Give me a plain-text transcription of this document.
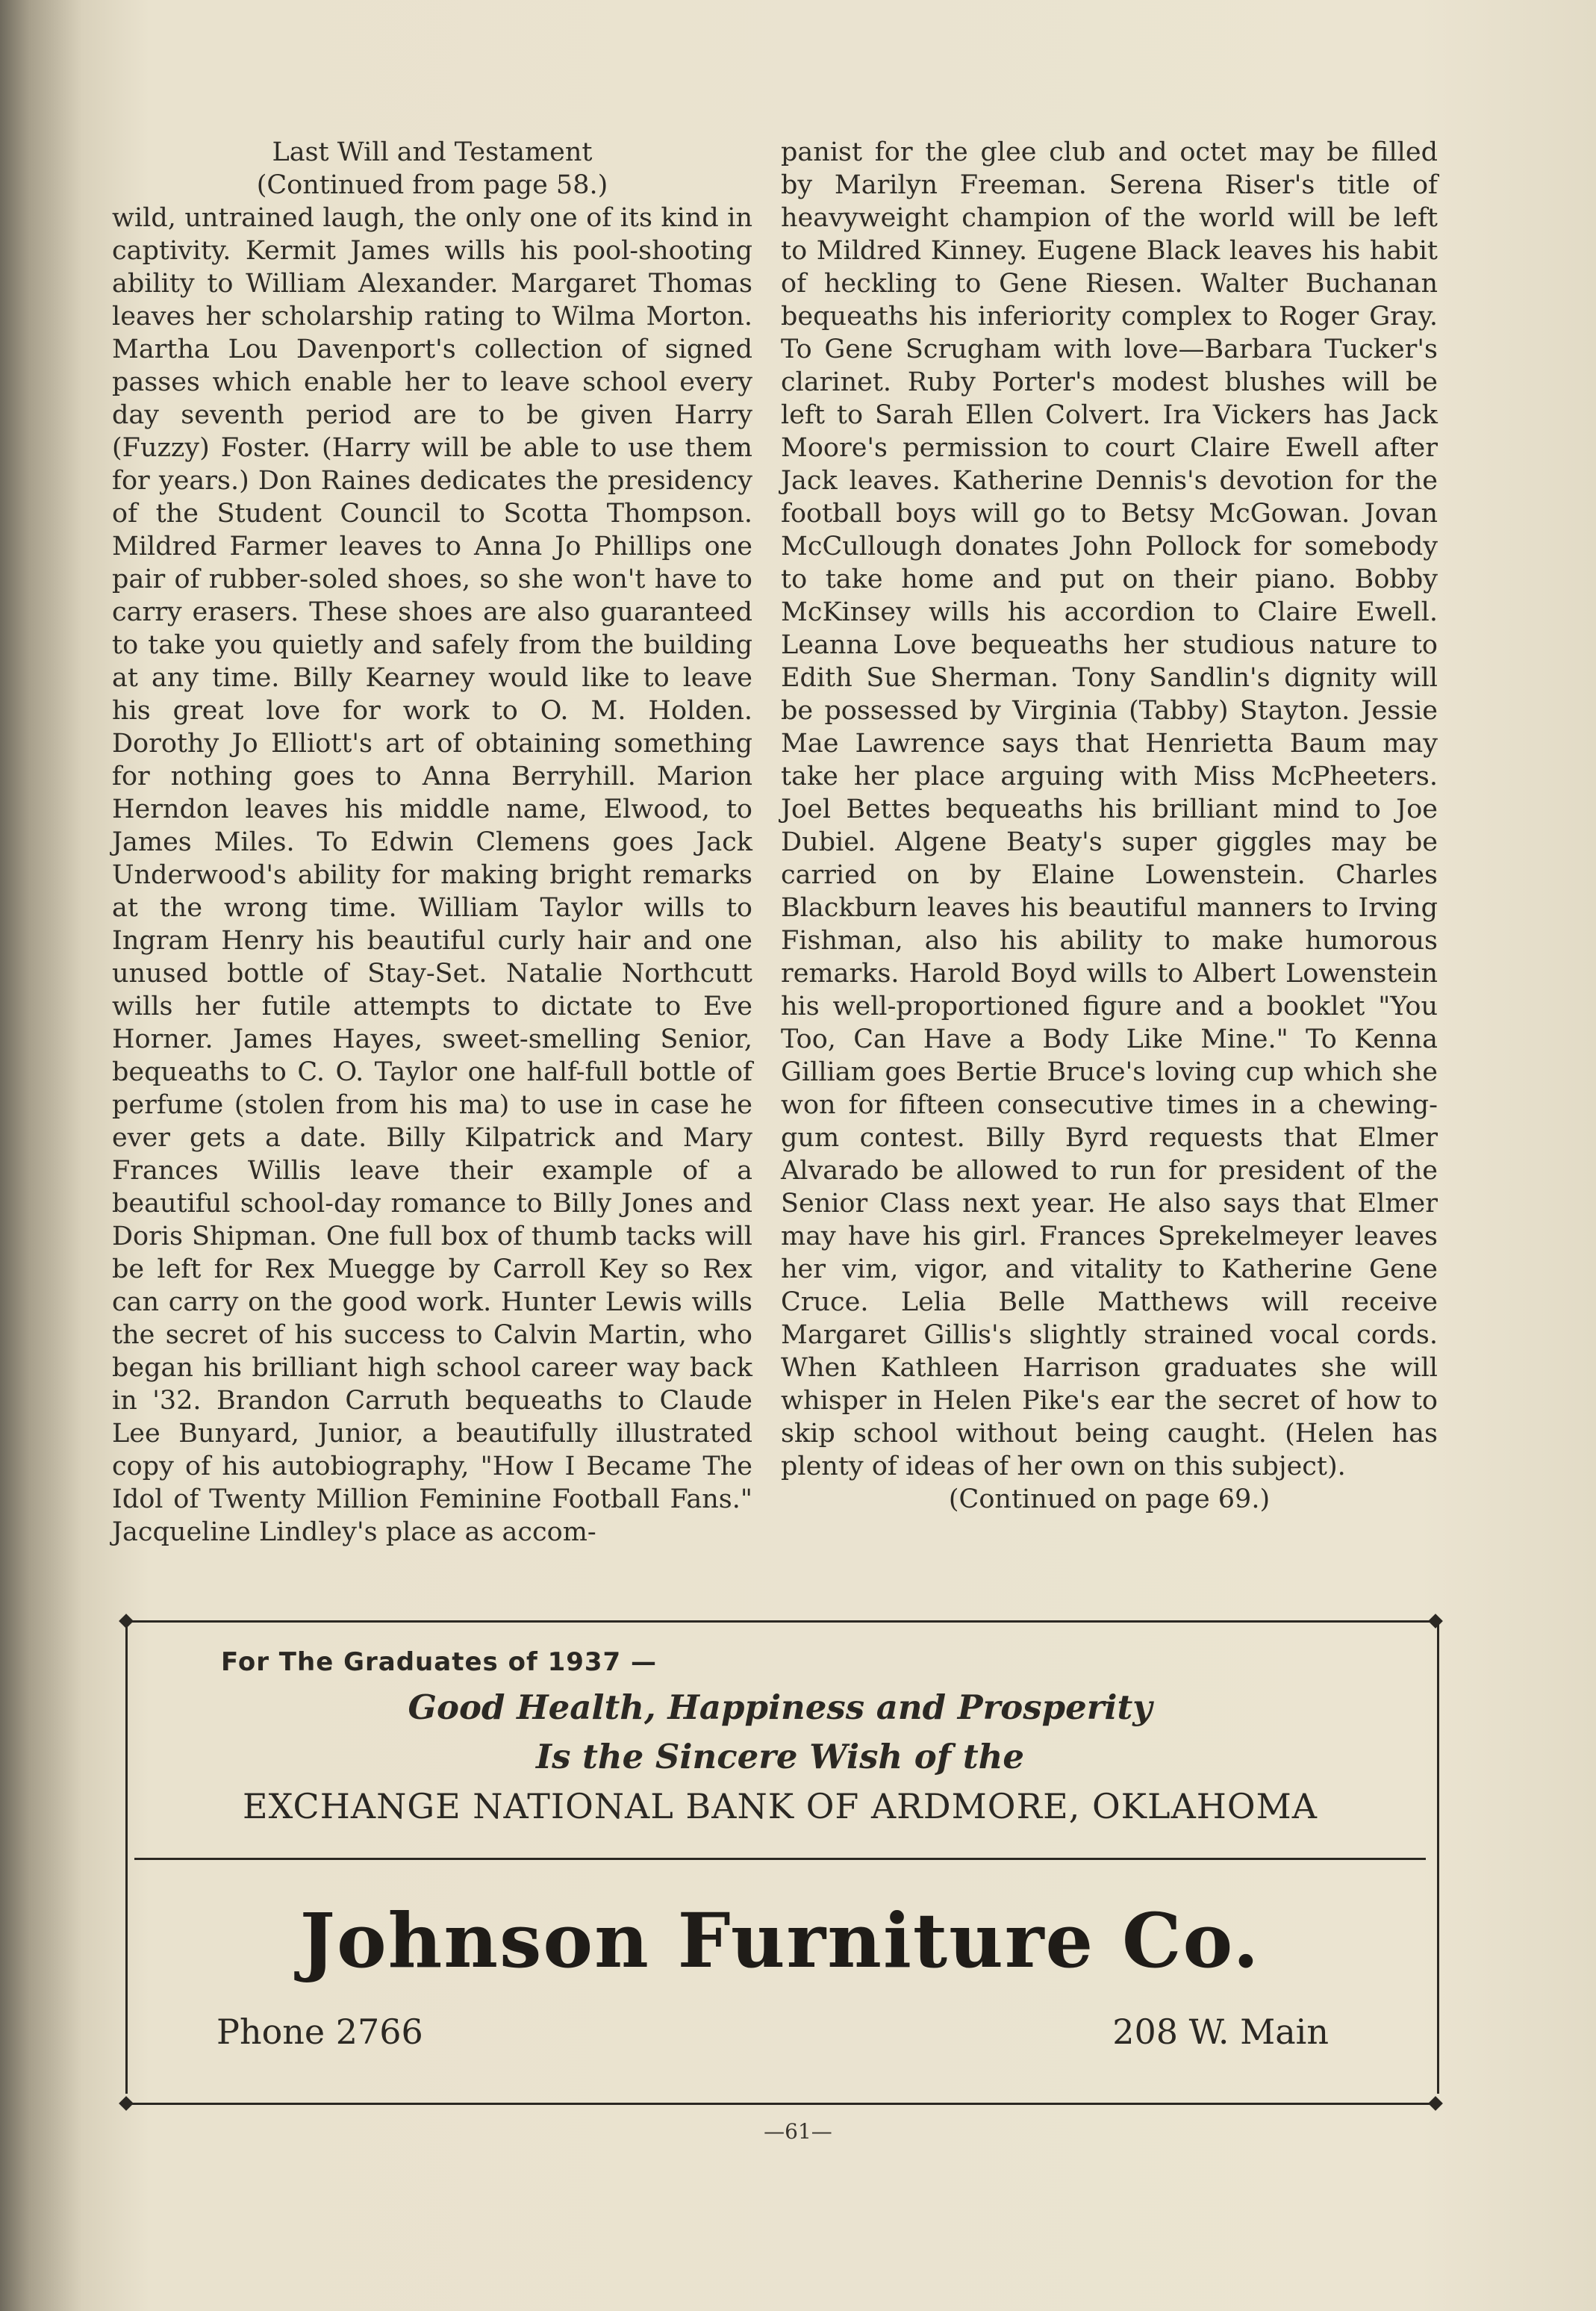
Last Will and Testament
(Continued from page 58.)

wild, untrained laugh, the only one of its kind in captivity. Kermit James wills his pool-shooting ability to William Alexander. Margaret Thomas leaves her scholarship rating to Wilma Morton. Martha Lou Davenport's collection of signed passes which enable her to leave school every day seventh period are to be given Harry (Fuzzy) Foster. (Harry will be able to use them for years.) Don Raines dedicates the presidency of the Student Council to Scotta Thompson. Mildred Farmer leaves to Anna Jo Phillips one pair of rubber-soled shoes, so she won't have to carry erasers. These shoes are also guaranteed to take you quietly and safely from the building at any time. Billy Kearney would like to leave his great love for work to O. M. Holden. Dorothy Jo Elliott's art of obtaining something for nothing goes to Anna Berryhill. Marion Herndon leaves his middle name, Elwood, to James Miles. To Edwin Clemens goes Jack Underwood's ability for making bright remarks at the wrong time. William Taylor wills to Ingram Henry his beautiful curly hair and one unused bottle of Stay-Set. Natalie Northcutt wills her futile attempts to dictate to Eve Horner. James Hayes, sweet-smelling Senior, bequeaths to C. O. Taylor one half-full bottle of perfume (stolen from his ma) to use in case he ever gets a date. Billy Kilpatrick and Mary Frances Willis leave their example of a beautiful school-day romance to Billy Jones and Doris Shipman. One full box of thumb tacks will be left for Rex Muegge by Carroll Key so Rex can carry on the good work. Hunter Lewis wills the secret of his success to Calvin Martin, who began his brilliant high school career way back in '32. Brandon Carruth bequeaths to Claude Lee Bunyard, Junior, a beautifully illustrated copy of his autobiography, "How I Became The Idol of Twenty Million Feminine Football Fans." Jacqueline Lindley's place as accom-

panist for the glee club and octet may be filled by Marilyn Freeman. Serena Riser's title of heavyweight champion of the world will be left to Mildred Kinney. Eugene Black leaves his habit of heckling to Gene Riesen. Walter Buchanan bequeaths his inferiority complex to Roger Gray. To Gene Scrugham with love—Barbara Tucker's clarinet. Ruby Porter's modest blushes will be left to Sarah Ellen Colvert. Ira Vickers has Jack Moore's permission to court Claire Ewell after Jack leaves. Katherine Dennis's devotion for the football boys will go to Betsy McGowan. Jovan McCullough donates John Pollock for somebody to take home and put on their piano. Bobby McKinsey wills his accordion to Claire Ewell. Leanna Love bequeaths her studious nature to Edith Sue Sherman. Tony Sandlin's dignity will be possessed by Virginia (Tabby) Stayton. Jessie Mae Lawrence says that Henrietta Baum may take her place arguing with Miss McPheeters. Joel Bettes bequeaths his brilliant mind to Joe Dubiel. Algene Beaty's super giggles may be carried on by Elaine Lowenstein. Charles Blackburn leaves his beautiful manners to Irving Fishman, also his ability to make humorous remarks. Harold Boyd wills to Albert Lowenstein his well-proportioned figure and a booklet "You Too, Can Have a Body Like Mine." To Kenna Gilliam goes Bertie Bruce's loving cup which she won for fifteen consecutive times in a chewing-gum contest. Billy Byrd requests that Elmer Alvarado be allowed to run for president of the Senior Class next year. He also says that Elmer may have his girl. Frances Sprekelmeyer leaves her vim, vigor, and vitality to Katherine Gene Cruce. Lelia Belle Matthews will receive Margaret Gillis's slightly strained vocal cords. When Kathleen Harrison graduates she will whisper in Helen Pike's ear the secret of how to skip school without being caught. (Helen has plenty of ideas of her own on this subject).

(Continued on page 69.)

For The Graduates of 1937 —
Good Health, Happiness and Prosperity
Is the Sincere Wish of the
EXCHANGE NATIONAL BANK OF ARDMORE, OKLAHOMA
Johnson Furniture Co.
Phone 2766	208 W. Main
—61—
